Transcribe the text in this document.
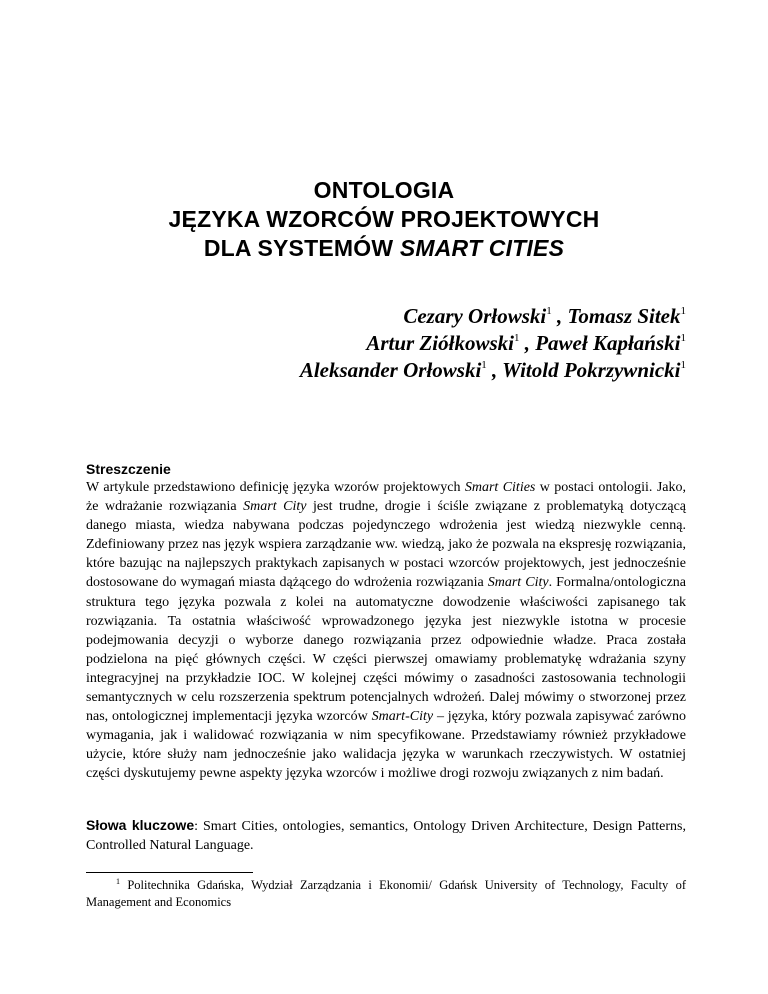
ONTOLOGIA
JĘZYKA WZORCÓW PROJEKTOWYCH
DLA SYSTEMÓW SMART CITIES
Cezary Orłowski$^1$ , Tomasz Sitek$^1$
Artur Ziółkowski$^1$ , Paweł Kapłański$^1$
Aleksander Orłowski$^1$ , Witold Pokrzywnicki$^1$
Streszczenie
W artykule przedstawiono definicję języka wzorów projektowych Smart Cities w postaci ontologii. Jako, że wdrażanie rozwiązania Smart City jest trudne, drogie i ściśle związane z problematyką dotyczącą danego miasta, wiedza nabywana podczas pojedynczego wdrożenia jest wiedzą niezwykle cenną. Zdefiniowany przez nas język wspiera zarządzanie ww. wiedzą, jako że pozwala na ekspresję rozwiązania, które bazując na najlepszych praktykach zapisanych w postaci wzorców projektowych, jest jednocześnie dostosowane do wymagań miasta dążącego do wdrożenia rozwiązania Smart City. Formalna/ontologiczna struktura tego języka pozwala z kolei na automatyczne dowodzenie właściwości zapisanego tak rozwiązania. Ta ostatnia właściwość wprowadzonego języka jest niezwykle istotna w procesie podejmowania decyzji o wyborze danego rozwiązania przez odpowiednie władze. Praca została podzielona na pięć głównych części. W części pierwszej omawiamy problematykę wdrażania szyny integracyjnej na przykładzie IOC. W kolejnej części mówimy o zasadności zastosowania technologii semantycznych w celu rozszerzenia spektrum potencjalnych wdrożeń. Dalej mówimy o stworzonej przez nas, ontologicznej implementacji języka wzorców Smart-City – języka, który pozwala zapisywać zarówno wymagania, jak i walidować rozwiązania w nim specyfikowane. Przedstawiamy również przykładowe użycie, które służy nam jednocześnie jako walidacja języka w warunkach rzeczywistych. W ostatniej części dyskutujemy pewne aspekty języka wzorców i możliwe drogi rozwoju związanych z nim badań.
Słowa kluczowe: Smart Cities, ontologies, semantics, Ontology Driven Architecture, Design Patterns, Controlled Natural Language.
$^1$ Politechnika Gdańska, Wydział Zarządzania i Ekonomii/ Gdańsk University of Technology, Faculty of Management and Economics
